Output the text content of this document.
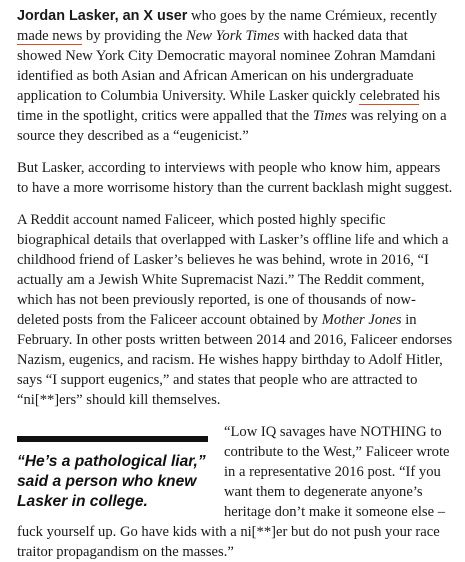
Jordan Lasker, an X user who goes by the name Crémieux, recently made news by providing the New York Times with hacked data that showed New York City Democratic mayoral nominee Zohran Mamdani identified as both Asian and African American on his undergraduate application to Columbia University. While Lasker quickly celebrated his time in the spotlight, critics were appalled that the Times was relying on a source they described as a “eugenicist.”

But Lasker, according to interviews with people who know him, appears to have a more worrisome history than the current backlash might suggest.

A Reddit account named Faliceer, which posted highly specific biographical details that overlapped with Lasker’s offline life and which a childhood friend of Lasker’s believes he was behind, wrote in 2016, “I actually am a Jewish White Supremacist Nazi.” The Reddit comment, which has not been previously reported, is one of thousands of now-deleted posts from the Faliceer account obtained by Mother Jones in February. In other posts written between 2014 and 2016, Faliceer endorses Nazism, eugenics, and racism. He wishes happy birthday to Adolf Hitler, says “I support eugenics,” and states that people who are attracted to “ni[**]ers” should kill themselves.

“He’s a pathological liar,” said a person who knew Lasker in college.

“Low IQ savages have NOTHING to contribute to the West,” Faliceer wrote in a representative 2016 post. “If you want them to degenerate anyone’s heritage don’t make it someone else – fuck yourself up. Go have kids with a ni[**]er but do not push your race traitor propagandism on the masses.”
